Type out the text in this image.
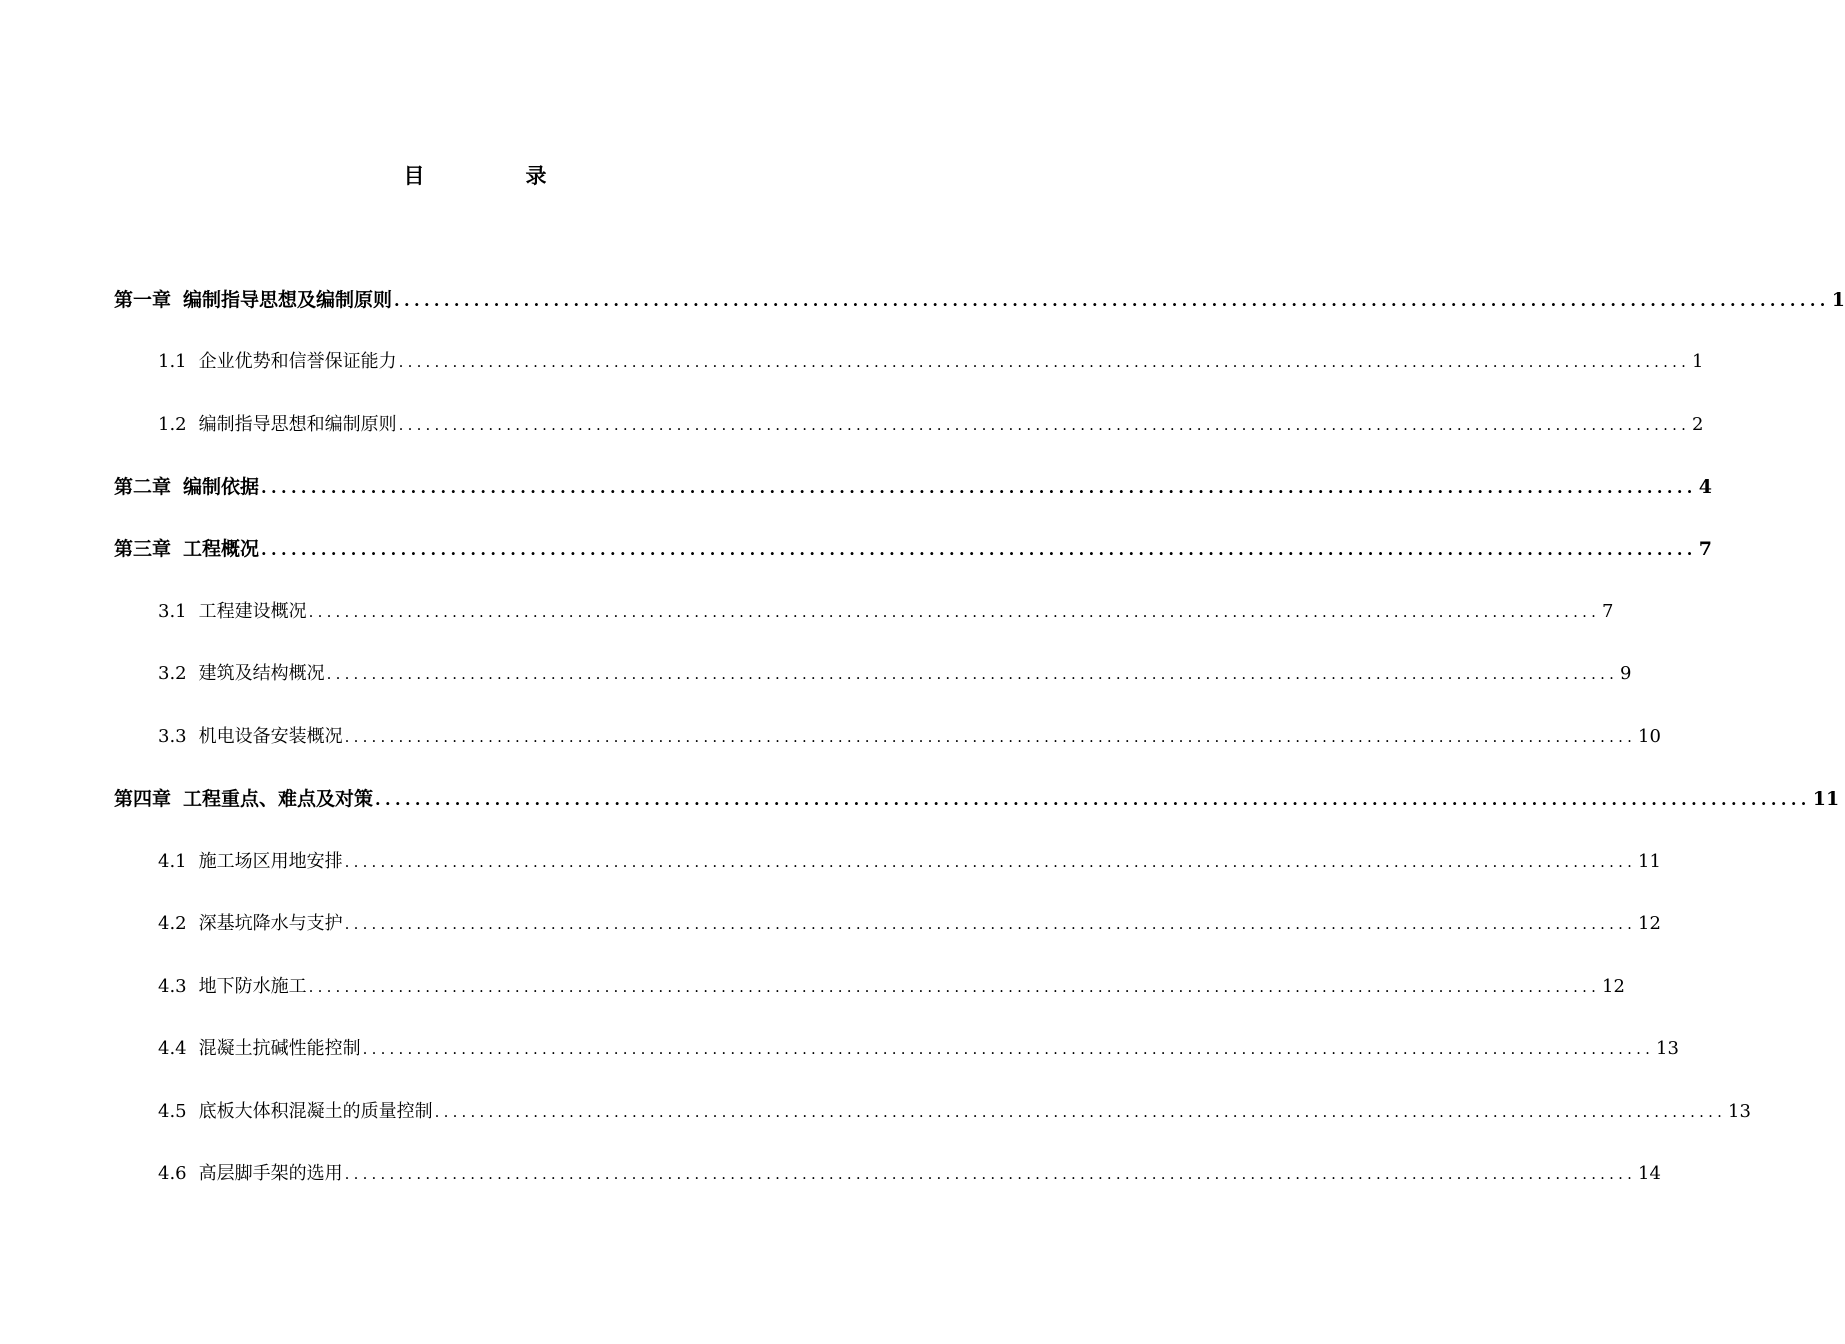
目　录
第一章 编制指导思想及编制原则 ................................................................................................................................................ 1
1.1 企业优势和信誉保证能力 ................................................................................................................................................ 1
1.2 编制指导思想和编制原则 ................................................................................................................................................ 2
第二章 编制依据 ................................................................................................................................................ 4
第三章 工程概况 ................................................................................................................................................ 7
3.1 工程建设概况 ................................................................................................................................................ 7
3.2 建筑及结构概况 ................................................................................................................................................ 9
3.3 机电设备安装概况 ................................................................................................................................................ 10
第四章 工程重点、难点及对策 ................................................................................................................................................ 11
4.1 施工场区用地安排 ................................................................................................................................................ 11
4.2 深基坑降水与支护 ................................................................................................................................................ 12
4.3 地下防水施工 ................................................................................................................................................ 12
4.4 混凝土抗碱性能控制 ................................................................................................................................................ 13
4.5 底板大体积混凝土的质量控制 ................................................................................................................................................ 13
4.6 高层脚手架的选用 ................................................................................................................................................ 14
